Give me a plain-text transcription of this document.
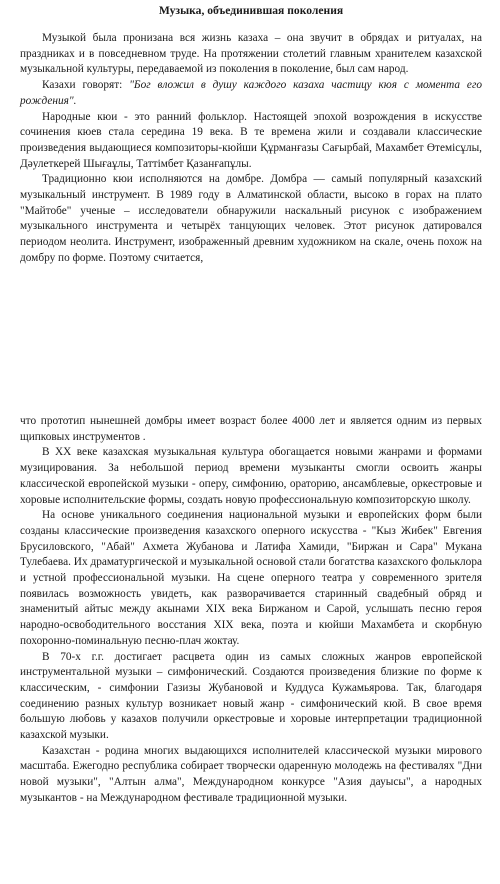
Музыка, объединившая поколения

Музыкой была пронизана вся жизнь казаха – она звучит в обрядах и ритуалах, на праздниках и в повседневном труде. На протяжении столетий главным хранителем казахской музыкальной культуры, передаваемой из поколения в поколение, был сам народ.

Казахи говорят: "Бог вложил в душу каждого казаха частицу кюя с момента его рождения".

Народные кюи - это ранний фольклор. Настоящей эпохой возрождения в искусстве сочинения кюев стала середина 19 века. В те времена жили и создавали классические произведения выдающиеся композиторы-кюйши Құрманғазы Сағырбай, Махамбет Өтемісұлы, Дәулеткерей Шығаұлы, Таттімбет Қазанғапұлы.

Традиционно кюи исполняются на домбре. Домбра — самый популярный казахский музыкальный инструмент. В 1989 году в Алматинской области, высоко в горах на плато "Майтобе" ученые – исследователи обнаружили наскальный рисунок с изображением музыкального инструмента и четырёх танцующих человек. Этот рисунок датировался периодом неолита. Инструмент, изображенный древним художником на скале, очень похож на домбру по форме. Поэтому считается,

что прототип нынешней домбры имеет возраст более 4000 лет и является одним из первых щипковых инструментов .

В XX веке казахская музыкальная культура обогащается новыми жанрами и формами музицирования. За небольшой период времени музыканты смогли освоить жанры классической европейской музыки - оперу, симфонию, ораторию, ансамблевые, оркестровые и хоровые исполнительские формы, создать новую профессиональную композиторскую школу.

На основе уникального соединения национальной музыки и европейских форм были созданы классические произведения казахского оперного искусства - "Кыз Жибек" Евгения Брусиловского, "Абай" Ахмета Жубанова и Латифа Хамиди, "Биржан и Сара" Мукана Тулебаева. Их драматургической и музыкальной основой стали богатства казахского фольклора и устной профессиональной музыки. На сцене оперного театра у современного зрителя появилась возможность увидеть, как разворачивается старинный свадебный обряд и знаменитый айтыс между акынами XIX века Биржаном и Сарой, услышать песню героя народно-освободительного восстания XIX века, поэта и кюйши Махамбета и скорбную похоронно-поминальную песню-плач жоктау.

В 70-х г.г. достигает расцвета один из самых сложных жанров европейской инструментальной музыки – симфонический. Создаются произведения близкие по форме к классическим, - симфонии Газизы Жубановой и Куддуса Кужамьярова. Так, благодаря соединению разных культур возникает новый жанр - симфонический кюй. В свое время большую любовь у казахов получили оркестровые и хоровые интерпретации традиционной казахской музыки.

Казахстан - родина многих выдающихся исполнителей классической музыки мирового масштаба. Ежегодно республика собирает творчески одаренную молодежь на фестивалях "Дни новой музыки", "Алтын алма", Международном конкурсе "Азия дауысы", а народных музыкантов - на Международном фестивале традиционной музыки.
